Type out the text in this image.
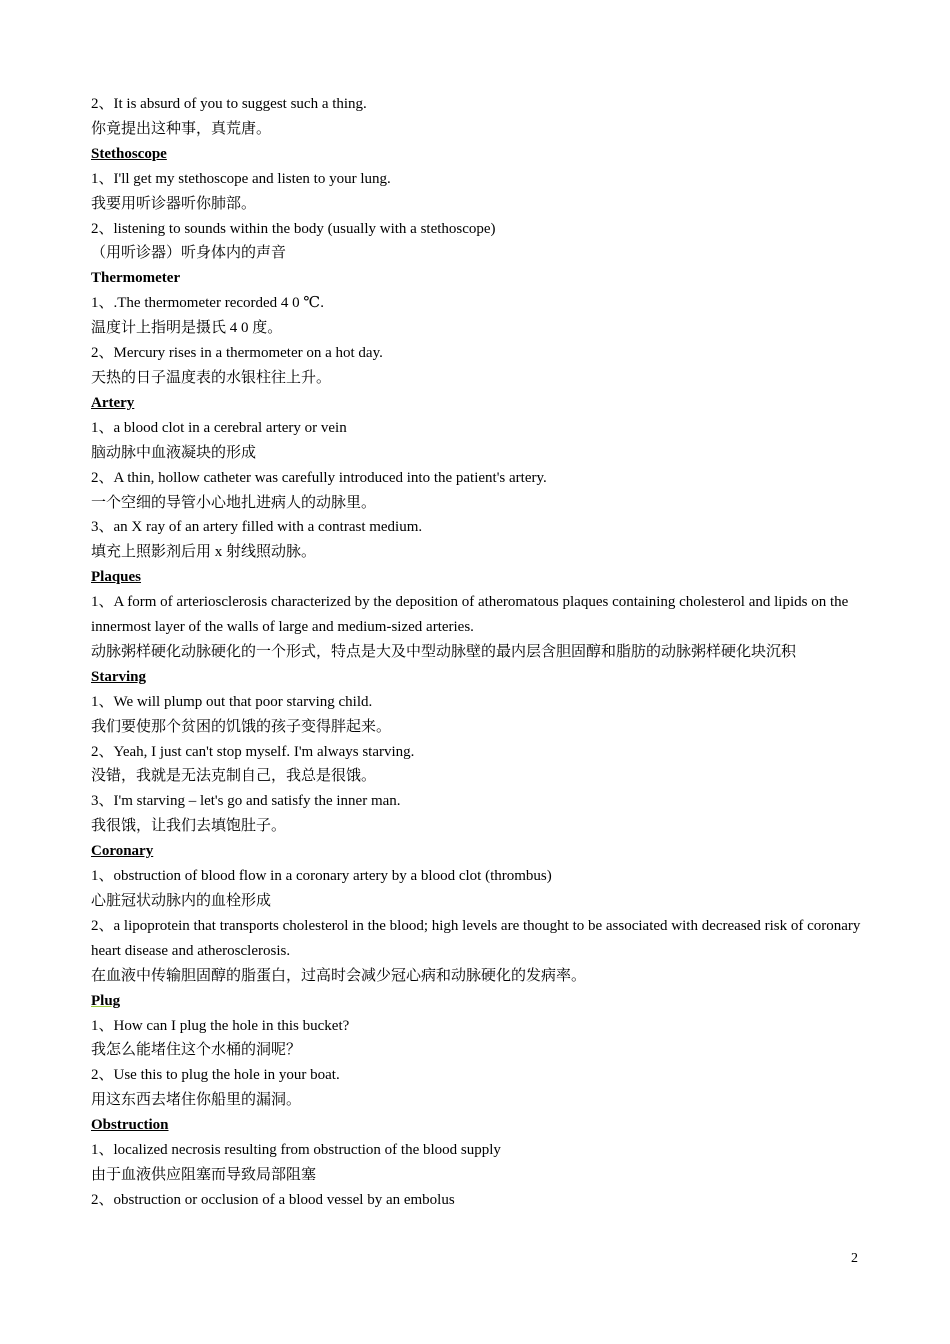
2、It is absurd of you to suggest such a thing.
你竟提出这种事，真荒唐。
Stethoscope
1、I'll get my stethoscope and listen to your lung.
我要用听诊器听你肺部。
2、listening to sounds within the body (usually with a stethoscope)
（用听诊器）听身体内的声音
Thermometer
1、.The thermometer recorded 4 0 ℃.
温度计上指明是摄氏 4 0 度。
2、Mercury rises in a thermometer on a hot day.
天热的日子温度表的水银柱往上升。
Artery
1、a blood clot in a cerebral artery or vein
脑动脉中血液凝块的形成
2、A thin, hollow catheter was carefully introduced into the patient's artery.
一个空细的导管小心地扎进病人的动脉里。
3、an X ray of an artery filled with a contrast medium.
填充上照影剂后用 x 射线照动脉。
Plaques
1、A form of arteriosclerosis characterized by the deposition of atheromatous plaques containing cholesterol and lipids on the innermost layer of the walls of large and medium-sized arteries.
动脉粥样硬化动脉硬化的一个形式，特点是大及中型动脉壁的最内层含胆固醇和脂肪的动脉粥样硬化块沉积
Starving
1、We will plump out that poor starving child.
我们要使那个贫困的饥饿的孩子变得胖起来。
2、Yeah, I just can't stop myself. I'm always starving.
没错，我就是无法克制自己，我总是很饿。
3、I'm starving – let's go and satisfy the inner man.
我很饿，让我们去填饱肚子。
Coronary
1、obstruction of blood flow in a coronary artery by a blood clot (thrombus)
心脏冠状动脉内的血栓形成
2、a lipoprotein that transports cholesterol in the blood; high levels are thought to be associated with decreased risk of coronary heart disease and atherosclerosis.
在血液中传输胆固醇的脂蛋白，过高时会减少冠心病和动脉硬化的发病率。
Plug
1、How can I plug the hole in this bucket?
我怎么能堵住这个水桶的洞呢？
2、Use this to plug the hole in your boat.
用这东西去堵住你船里的漏洞。
Obstruction
1、localized necrosis resulting from obstruction of the blood supply
由于血液供应阻塞而导致局部阻塞
2、obstruction or occlusion of a blood vessel by an embolus
2
